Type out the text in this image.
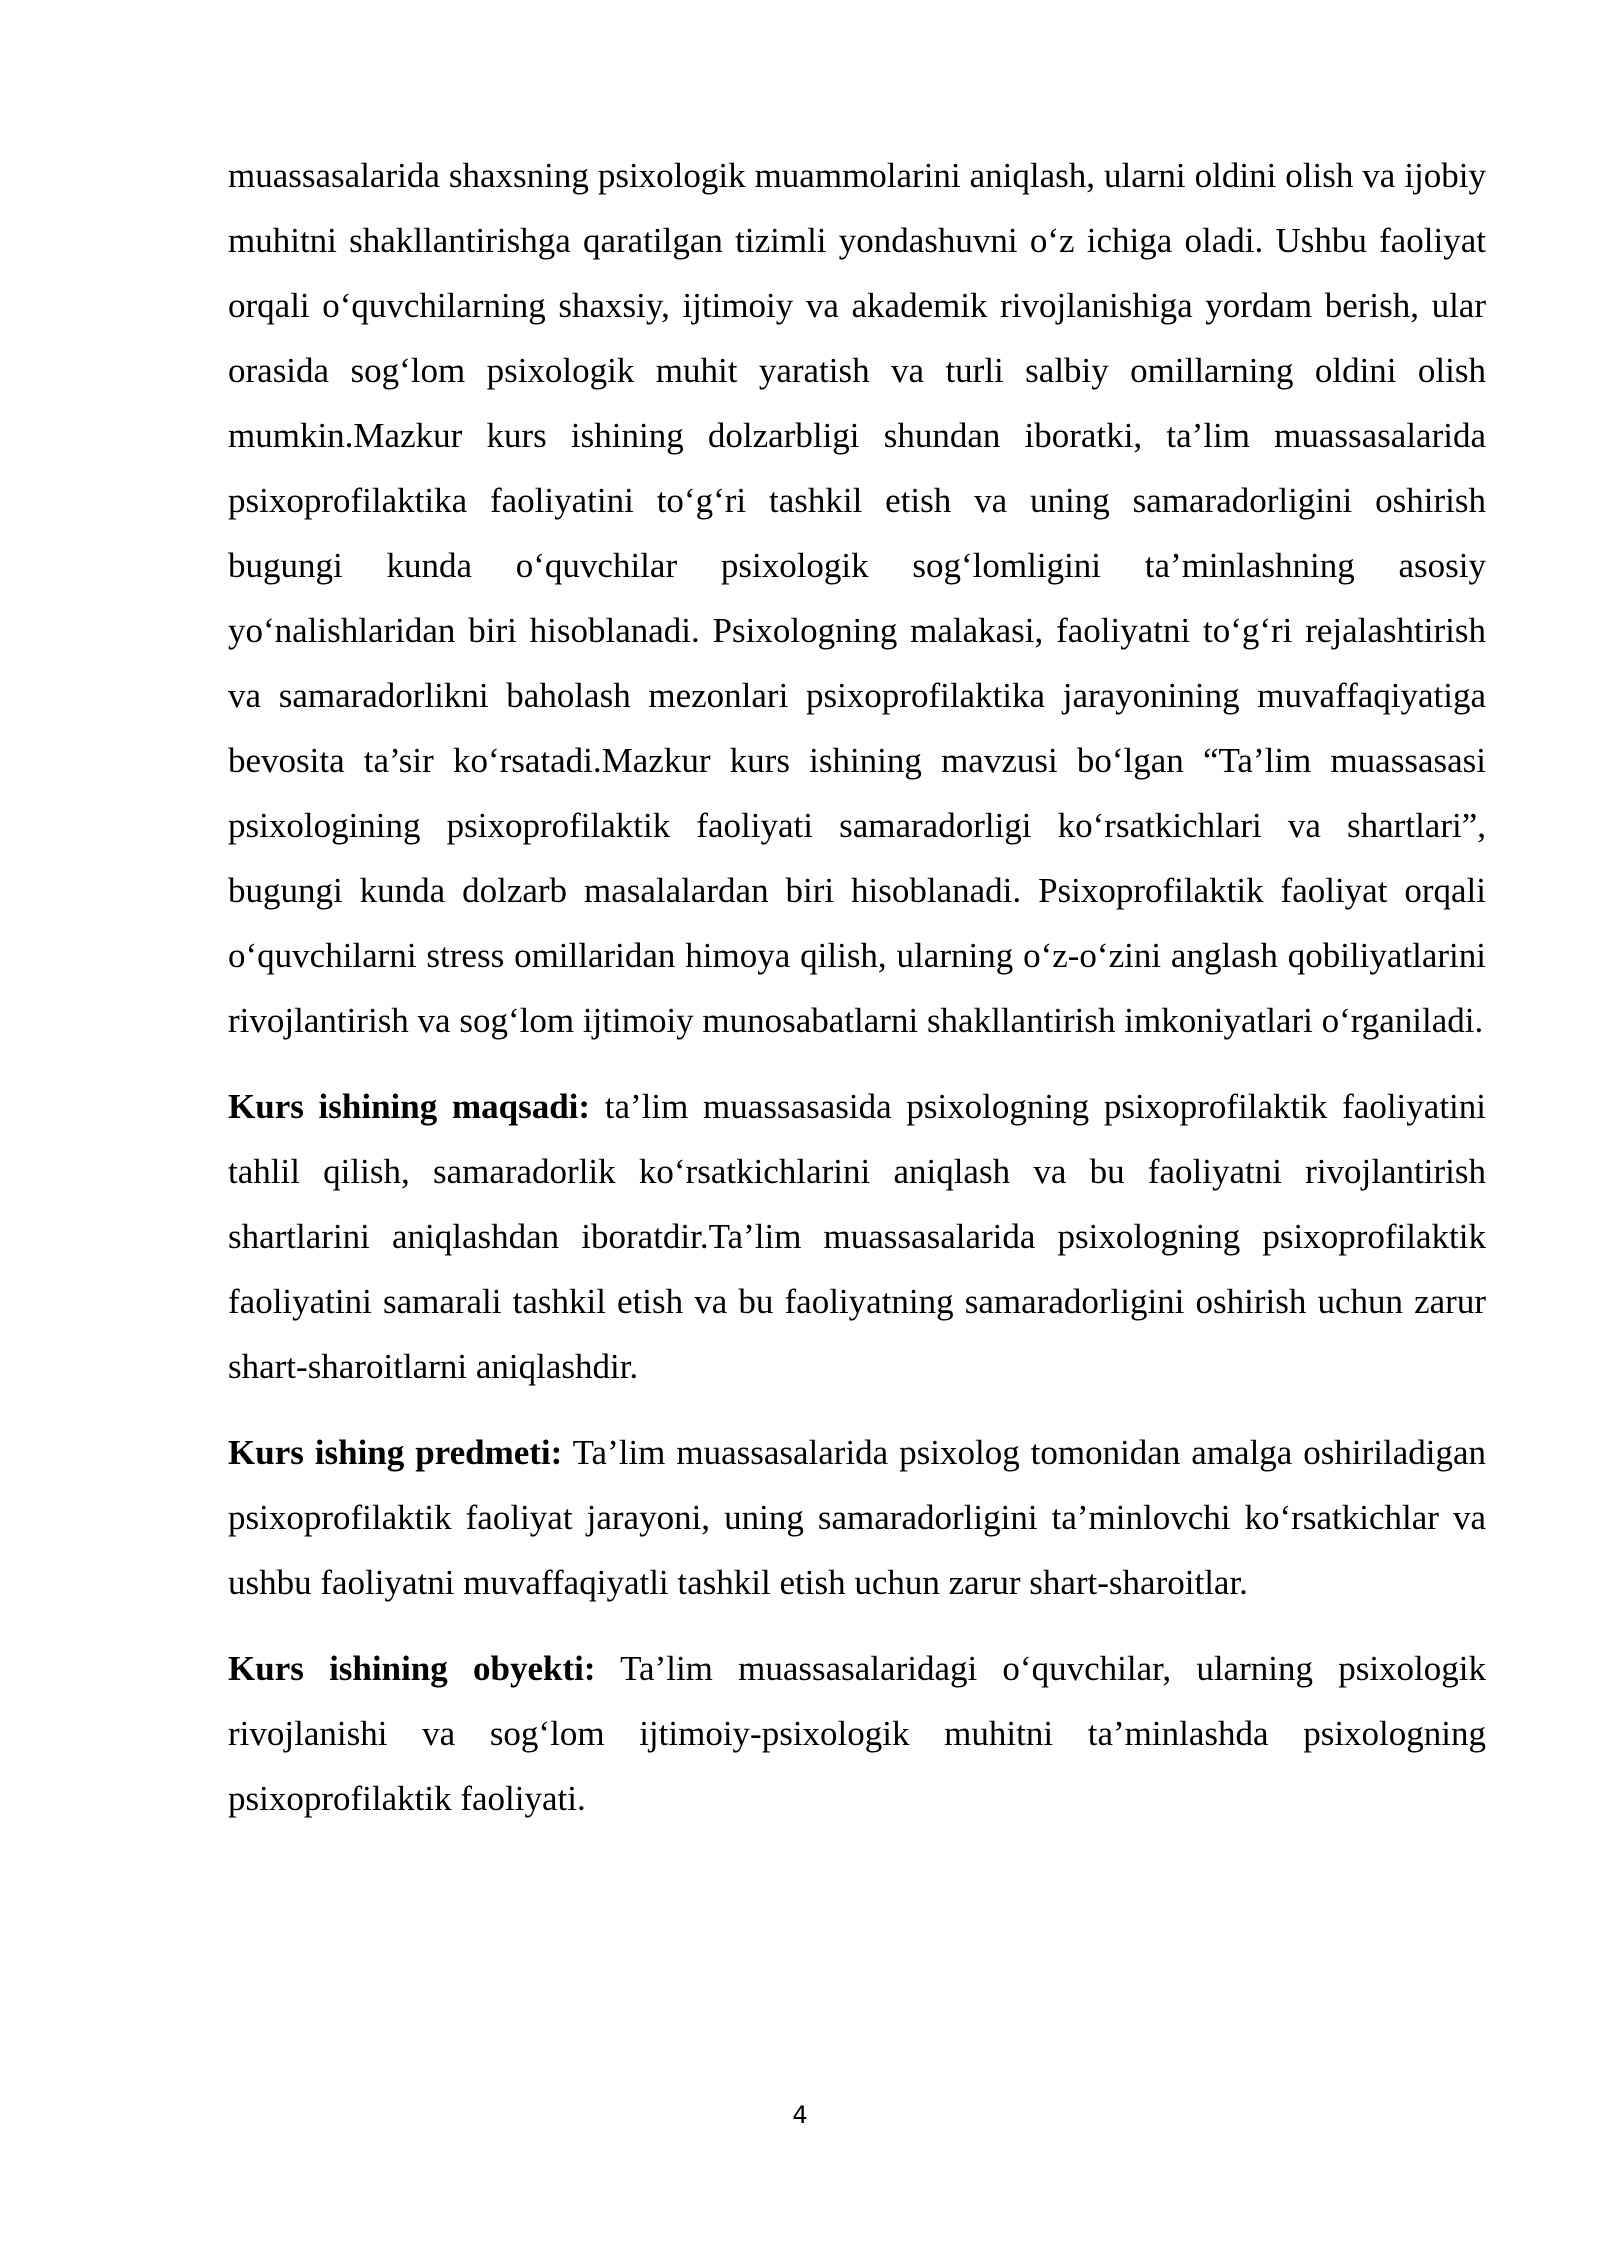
muassasalarida shaxsning psixologik muammolarini aniqlash, ularni oldini olish va ijobiy muhitni shakllantirishga qaratilgan tizimli yondashuvni o‘z ichiga oladi. Ushbu faoliyat orqali o‘quvchilarning shaxsiy, ijtimoiy va akademik rivojlanishiga yordam berish, ular orasida sog‘lom psixologik muhit yaratish va turli salbiy omillarning oldini olish mumkin.Mazkur kurs ishining dolzarbligi shundan iboratki, ta’lim muassasalarida psixoprofilaktika faoliyatini to‘g‘ri tashkil etish va uning samaradorligini oshirish bugungi kunda o‘quvchilar psixologik sog‘lomligini ta’minlashning asosiy yo‘nalishlaridan biri hisoblanadi. Psixologning malakasi, faoliyatni to‘g‘ri rejalashtirish va samaradorlikni baholash mezonlari psixoprofilaktika jarayonining muvaffaqiyatiga bevosita ta’sir ko‘rsatadi.Mazkur kurs ishining mavzusi bo‘lgan “Ta’lim muassasasi psixologining psixoprofilaktik faoliyati samaradorligi ko‘rsatkichlari va shartlari”, bugungi kunda dolzarb masalalardan biri hisoblanadi. Psixoprofilaktik faoliyat orqali o‘quvchilarni stress omillaridan himoya qilish, ularning o‘z-o‘zini anglash qobiliyatlarini rivojlantirish va sog‘lom ijtimoiy munosabatlarni shakllantirish imkoniyatlari o‘rganiladi.

Kurs ishining maqsadi: ta’lim muassasasida psixologning psixoprofilaktik faoliyatini tahlil qilish, samaradorlik ko‘rsatkichlarini aniqlash va bu faoliyatni rivojlantirish shartlarini aniqlashdan iboratdir.Ta’lim muassasalarida psixologning psixoprofilaktik faoliyatini samarali tashkil etish va bu faoliyatning samaradorligini oshirish uchun zarur shart-sharoitlarni aniqlashdir.

Kurs ishing predmeti: Ta’lim muassasalarida psixolog tomonidan amalga oshiriladigan psixoprofilaktik faoliyat jarayoni, uning samaradorligini ta’minlovchi ko‘rsatkichlar va ushbu faoliyatni muvaffaqiyatli tashkil etish uchun zarur shart-sharoitlar.

Kurs ishining obyekti: Ta’lim muassasalaridagi o‘quvchilar, ularning psixologik rivojlanishi va sog‘lom ijtimoiy-psixologik muhitni ta’minlashda psixologning psixoprofilaktik faoliyati.

4
